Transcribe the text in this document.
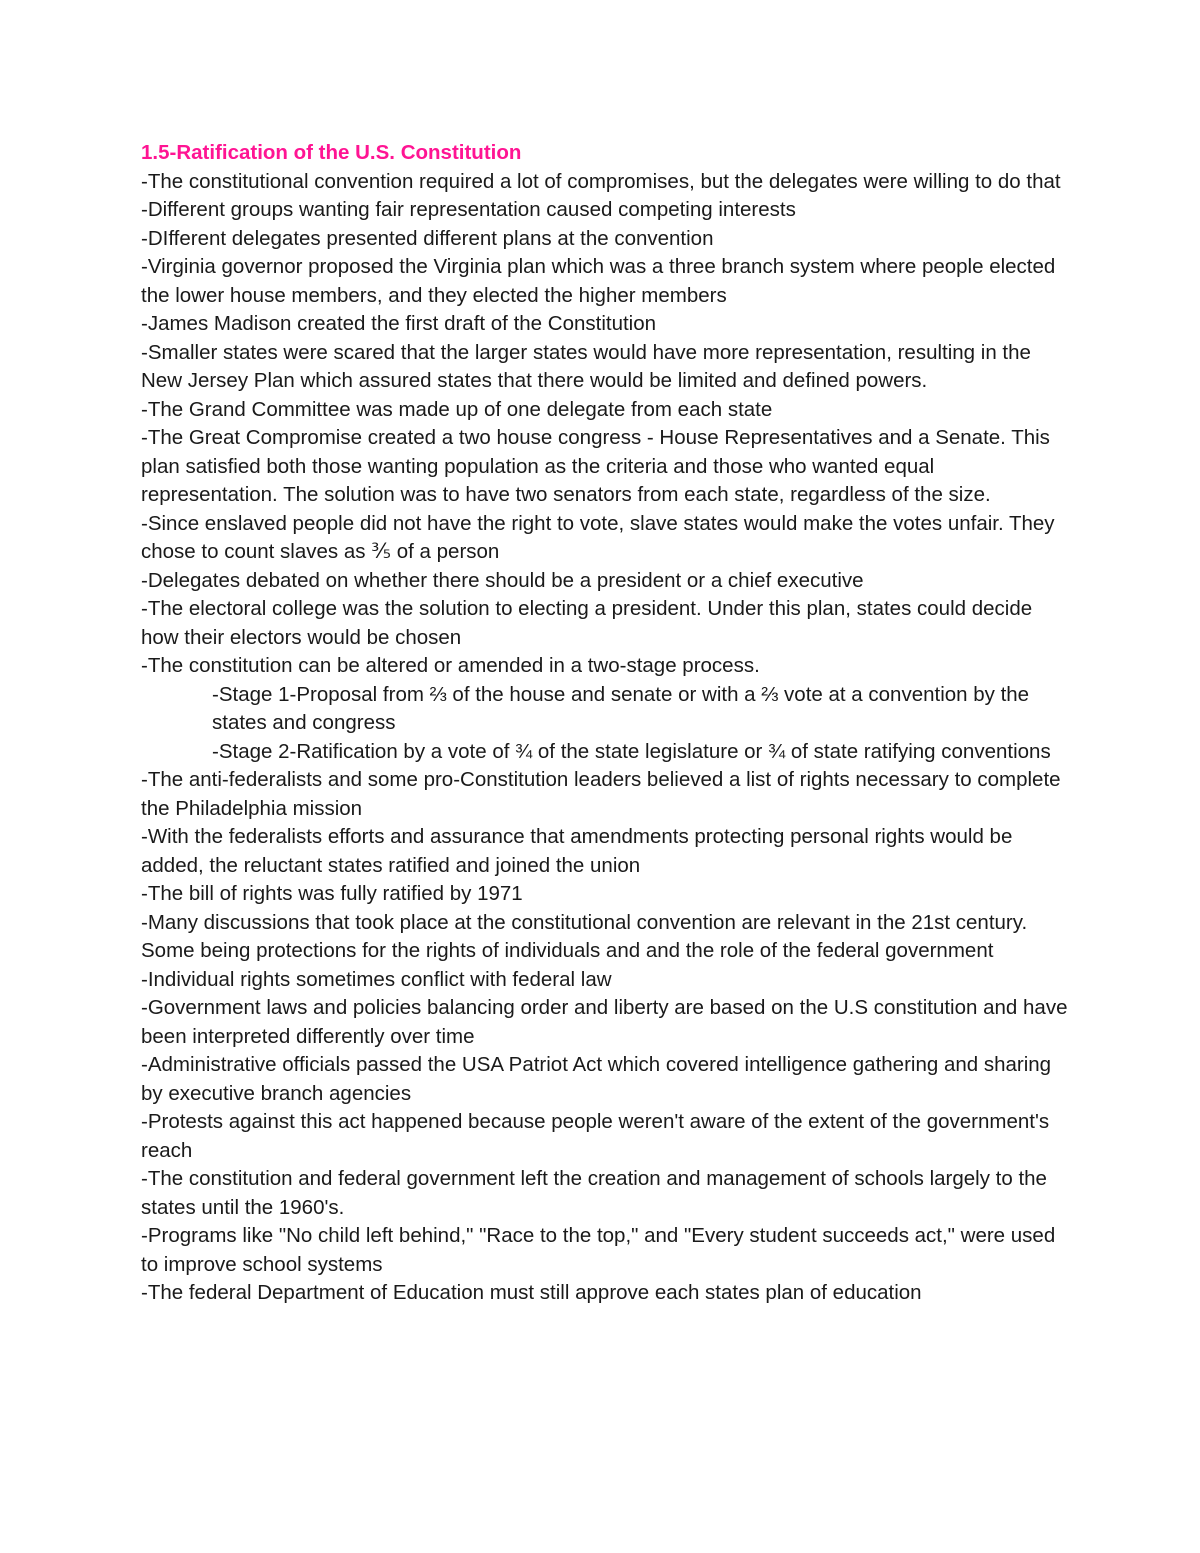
1.5-Ratification of the U.S. Constitution

-The constitutional convention required a lot of compromises, but the delegates were willing to do that

-Different groups wanting fair representation caused competing interests

-DIfferent delegates presented different plans at the convention

-Virginia governor proposed the Virginia plan which was a three branch system where people elected the lower house members, and they elected the higher members

-James Madison created the first draft of the Constitution

-Smaller states were scared that the larger states would have more representation, resulting in the New Jersey Plan which assured states that there would be limited and defined powers.

-The Grand Committee was made up of one delegate from each state

-The Great Compromise created a two house congress - House Representatives and a Senate. This plan satisfied both those wanting population as the criteria and those who wanted equal representation. The solution was to have two senators from each state, regardless of the size.

-Since enslaved people did not have the right to vote, slave states would make the votes unfair. They chose to count slaves as ⅗ of a person

-Delegates debated on whether there should be a president or a chief executive

-The electoral college was the solution to electing a president. Under this plan, states could decide how their electors would be chosen

-The constitution can be altered or amended in a two-stage process.

-Stage 1-Proposal from ⅔ of the house and senate or with a ⅔ vote at a convention by the states and congress

-Stage 2-Ratification by a vote of ¾ of the state legislature or ¾ of state ratifying conventions

-The anti-federalists and some pro-Constitution leaders believed a list of rights necessary to complete the Philadelphia mission

-With the federalists efforts and assurance that amendments protecting personal rights would be added, the reluctant states ratified and joined the union

-The bill of rights was fully ratified by 1971

-Many discussions that took place at the constitutional convention are relevant in the 21st century. Some being protections for the rights of individuals and and the role of the federal government

-Individual rights sometimes conflict with federal law

-Government laws and policies balancing order and liberty are based on the U.S constitution and have been interpreted differently over time

-Administrative officials passed the USA Patriot Act which covered intelligence gathering and sharing by executive branch agencies

-Protests against this act happened because people weren't aware of the extent of the government's reach

-The constitution and federal government left the creation and management of schools largely to the states until the 1960's.

-Programs like "No child left behind," "Race to the top," and "Every student succeeds act," were used to improve school systems

-The federal Department of Education must still approve each states plan of education
